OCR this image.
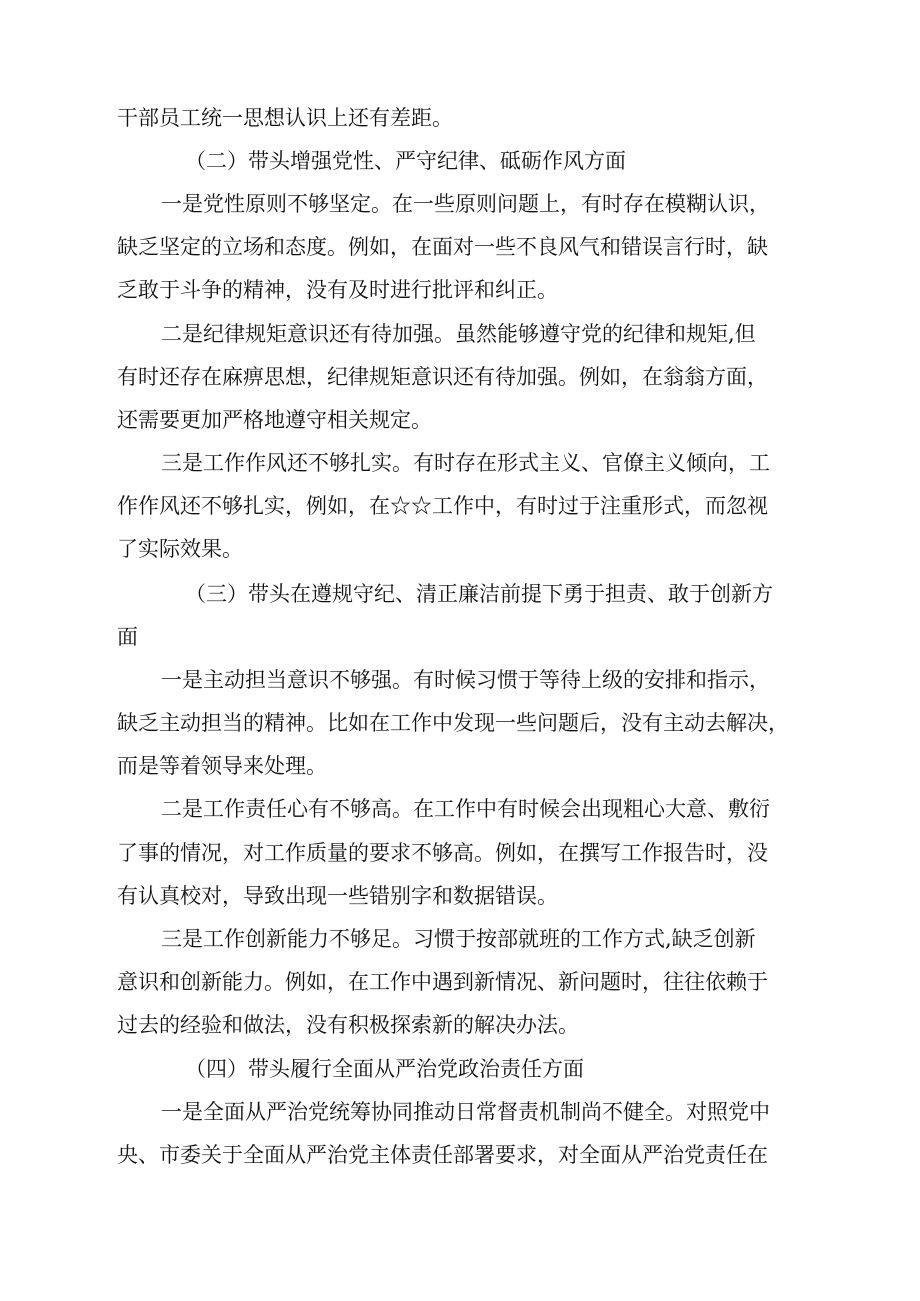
干部员工统一思想认识上还有差距。
（二）带头增强党性、严守纪律、砥砺作风方面
一是党性原则不够坚定。在一些原则问题上，有时存在模糊认识，
缺乏坚定的立场和态度。例如，在面对一些不良风气和错误言行时，缺
乏敢于斗争的精神，没有及时进行批评和纠正。
二是纪律规矩意识还有待加强。虽然能够遵守党的纪律和规矩,但
有时还存在麻痹思想，纪律规矩意识还有待加强。例如，在翁翁方面，
还需要更加严格地遵守相关规定。
三是工作作风还不够扎实。有时存在形式主义、官僚主义倾向，工
作作风还不够扎实，例如，在☆☆工作中，有时过于注重形式，而忽视
了实际效果。
（三）带头在遵规守纪、清正廉洁前提下勇于担责、敢于创新方
面
一是主动担当意识不够强。有时候习惯于等待上级的安排和指示，
缺乏主动担当的精神。比如在工作中发现一些问题后，没有主动去解决，
而是等着领导来处理。
二是工作责任心有不够高。在工作中有时候会出现粗心大意、敷衍
了事的情况，对工作质量的要求不够高。例如，在撰写工作报告时，没
有认真校对，导致出现一些错别字和数据错误。
三是工作创新能力不够足。习惯于按部就班的工作方式,缺乏创新
意识和创新能力。例如，在工作中遇到新情况、新问题时，往往依赖于
过去的经验和做法，没有积极探索新的解决办法。
（四）带头履行全面从严治党政治责任方面
一是全面从严治党统筹协同推动日常督责机制尚不健全。对照党中
央、市委关于全面从严治党主体责任部署要求，对全面从严治党责任在
